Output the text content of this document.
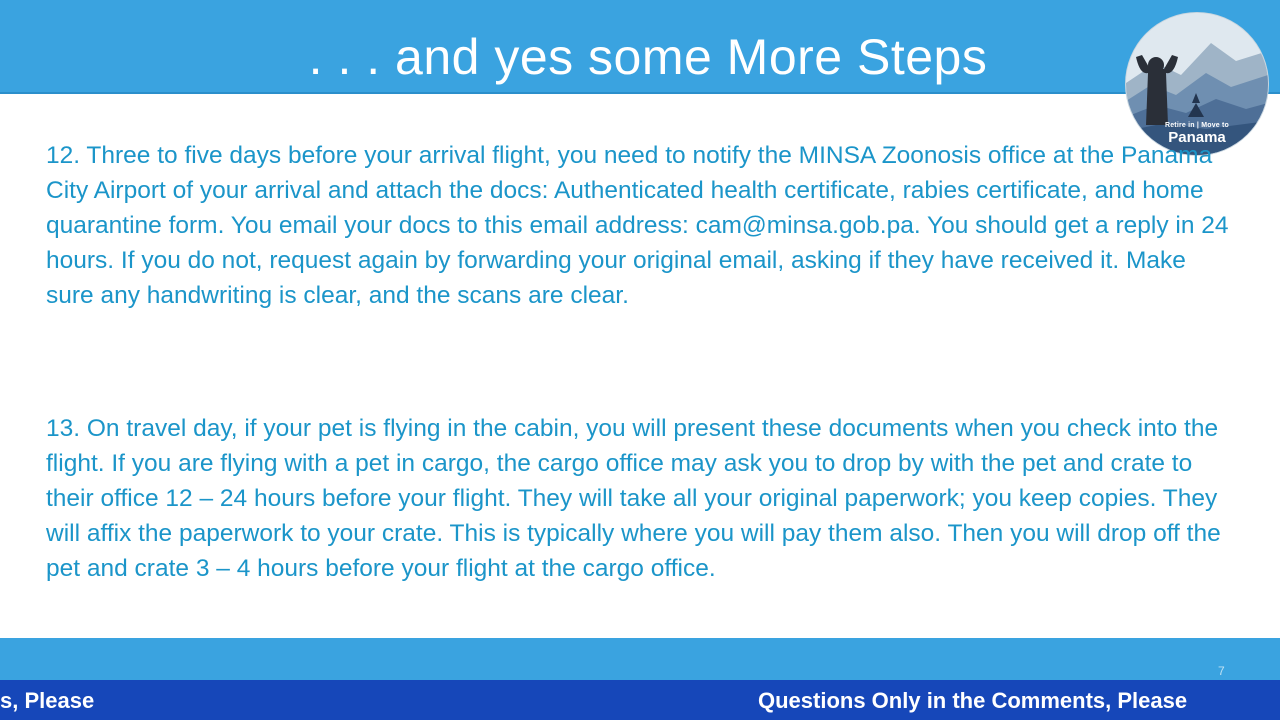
. . . and yes some More Steps
Retire in | Move to
Panama
12. Three to five days before your arrival flight, you need to notify the MINSA Zoonosis office at the Panama City Airport of your arrival and attach the docs: Authenticated health certificate, rabies certificate, and home quarantine form. You email your docs to this email address: cam@minsa.gob.pa. You should get a reply in 24 hours. If you do not, request again by forwarding your original email, asking if they have received it. Make sure any handwriting is clear, and the scans are clear.
13. On travel day, if your pet is flying in the cabin, you will present these documents when you check into the flight. If you are flying with a pet in cargo, the cargo office may ask you to drop by with the pet and crate to their office 12 – 24 hours before your flight. They will take all your original paperwork; you keep copies. They will affix the paperwork to your crate. This is typically where you will pay them also. Then you will drop off the pet and crate 3 – 4 hours before your flight at the cargo office.
7
s, Please	Questions Only in the Comments, Please
